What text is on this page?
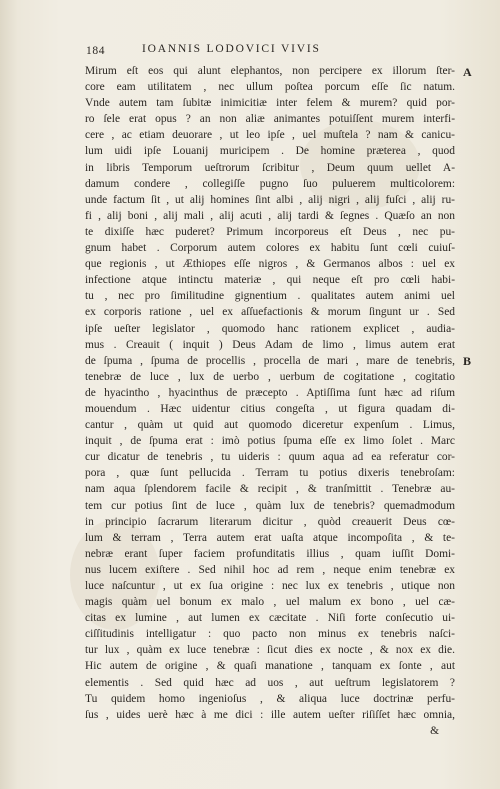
184	IOANNIS LODOVICI VIVIS
A
B
Mirum eſt eos qui alunt elephantos, non percipere ex illorum ſter-
core eam utilitatem , nec ullum poſtea porcum eſſe ſic natum.
Vnde autem tam ſubitæ inimicitiæ inter felem & murem? quid por-
ro ſele erat opus ? an non aliæ animantes potuiſſent murem interfi-
cere , ac etiam deuorare , ut leo ipſe , uel muſtela ? nam & canicu-
lum uidi ipſe Louanij muricipem . De homine præterea , quod
in libris Temporum ueſtrorum ſcribitur , Deum quum uellet A-
damum condere , collegiſſe pugno ſuo puluerem multicolorem:
unde factum ſit , ut alij homines ſint albi , alij nigri , alij fuſci , alij ru-
fi , alij boni , alij mali , alij acuti , alij tardi & ſegnes . Quæſo an non
te dixiſſe hæc puderet? Primum incorporeus eſt Deus , nec pu-
gnum habet . Corporum autem colores ex habitu ſunt cœli cuiuſ-
que regionis , ut Æthiopes eſſe nigros , & Germanos albos : uel ex
infectione atque intinctu materiæ , qui neque eſt pro cœli habi-
tu , nec pro ſimilitudine gignentium . qualitates autem animi uel
ex corporis ratione , uel ex aſſuefactionis & morum ſingunt ur . Sed
ipſe ueſter legislator , quomodo hanc rationem explicet , audia-
mus . Creauit ( inquit ) Deus Adam de limo , limus autem erat
de ſpuma , ſpuma de procellis , procella de mari , mare de tenebris,
tenebræ de luce , lux de uerbo , uerbum de cogitatione , cogitatio
de hyacintho , hyacinthus de præcepto . Aptiſſima ſunt hæc ad riſum
mouendum . Hæc uidentur citius congeſta , ut figura quadam di-
cantur , quàm ut quid aut quomodo diceretur expenſum . Limus,
inquit , de ſpuma erat : imò potius ſpuma eſſe ex limo ſolet . Marc
cur dicatur de tenebris , tu uideris : quum aqua ad ea referatur cor-
pora , quæ ſunt pellucida . Terram tu potius dixeris tenebroſam:
nam aqua ſplendorem facile & recipit , & tranſmittit . Tenebræ au-
tem cur potius ſint de luce , quàm lux de tenebris? quemadmodum
in principio ſacrarum literarum dicitur , quòd creauerit Deus cœ-
lum & terram , Terra autem erat uaſta atque incompoſita , & te-
nebræ erant ſuper faciem profunditatis illius , quam iuſſit Domi-
nus lucem exiſtere . Sed nihil hoc ad rem , neque enim tenebræ ex
luce naſcuntur , ut ex ſua origine : nec lux ex tenebris , utique non
magis quàm uel bonum ex malo , uel malum ex bono , uel cæ-
citas ex lumine , aut lumen ex cæcitate . Niſi forte conſecutio ui-
ciſſitudinis intelligatur : quo pacto non minus ex tenebris naſci-
tur lux , quàm ex luce tenebræ : ſicut dies ex nocte , & nox ex die.
Hic autem de origine , & quaſi manatione , tanquam ex ſonte , aut
elementis . Sed quid hæc ad uos , aut ueſtrum legislatorem ?
Tu quidem homo ingenioſus , & aliqua luce doctrinæ perfu-
ſus , uides uerè hæc à me dici : ille autem ueſter riſiſſet hæc omnia,
&
